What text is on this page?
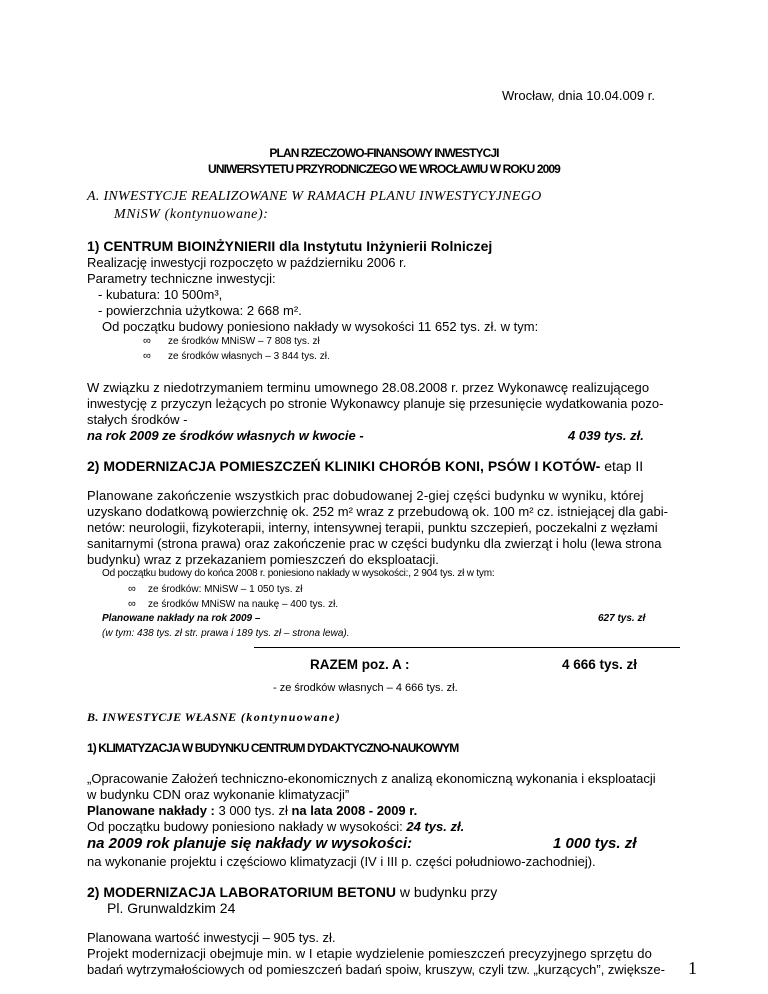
Wrocław, dnia 10.04.009 r.
PLAN RZECZOWO-FINANSOWY INWESTYCJI
UNIWERSYTETU PRZYRODNICZEGO WE WROCŁAWIU W ROKU 2009
A. INWESTYCJE REALIZOWANE W RAMACH PLANU INWESTYCYJNEGO
MNiSW (kontynuowane):
1) CENTRUM BIOINŻYNIERII dla Instytutu Inżynierii Rolniczej
Realizację inwestycji rozpoczęto w październiku 2006 r.
Parametry techniczne inwestycji:
- kubatura: 10 500m³,
- powierzchnia użytkowa: 2 668 m².
Od początku budowy poniesiono nakłady w wysokości 11 652 tys. zł. w tym:
∞ ze środków MNiSW – 7 808 tys. zł
∞ ze środków własnych – 3 844 tys. zł.
W związku z niedotrzymaniem terminu umownego 28.08.2008 r. przez Wykonawcę realizującego
inwestycję z przyczyn leżących po stronie Wykonawcy planuje się przesunięcie wydatkowania pozo-
stałych środków -
na rok 2009 ze środków własnych w kwocie -	4 039 tys. zł.
2) MODERNIZACJA POMIESZCZEŃ KLINIKI CHORÓB KONI, PSÓW I KOTÓW- etap II
Planowane zakończenie wszystkich prac dobudowanej 2-giej części budynku w wyniku, której
uzyskano dodatkową powierzchnię ok. 252 m² wraz z przebudową ok. 100 m² cz. istniejącej dla gabi-
netów: neurologii, fizykoterapii, interny, intensywnej terapii, punktu szczepień, poczekalni z węzłami
sanitarnymi (strona prawa) oraz zakończenie prac w części budynku dla zwierząt i holu (lewa strona
budynku) wraz z przekazaniem pomieszczeń do eksploatacji.
Od początku budowy do końca 2008 r. poniesiono nakłady w wysokości:, 2 904 tys. zł w tym:
∞ ze środków: MNiSW – 1 050 tys. zł
∞ ze środków MNiSW na naukę – 400 tys. zł.
Planowane nakłady na rok 2009 –	627 tys. zł
(w tym: 438 tys. zł str. prawa i 189 tys. zł – strona lewa).
RAZEM poz. A :	4 666 tys. zł
- ze środków własnych – 4 666 tys. zł.
B. INWESTYCJE WŁASNE (kontynuowane)
1) KLIMATYZACJA W BUDYNKU CENTRUM DYDAKTYCZNO-NAUKOWYM
„Opracowanie Założeń techniczno-ekonomicznych z analizą ekonomiczną wykonania i eksploatacji
w budynku CDN oraz wykonanie klimatyzacji”
Planowane nakłady : 3 000 tys. zł na lata 2008 - 2009 r.
Od początku budowy poniesiono nakłady w wysokości: 24 tys. zł.
na 2009 rok planuje się nakłady w wysokości:	1 000 tys. zł
na wykonanie projektu i częściowo klimatyzacji (IV i III p. części południowo-zachodniej).
2) MODERNIZACJA LABORATORIUM BETONU w budynku przy
Pl. Grunwaldzkim 24
Planowana wartość inwestycji – 905 tys. zł.
Projekt modernizacji obejmuje min. w I etapie wydzielenie pomieszczeń precyzyjnego sprzętu do
badań wytrzymałościowych od pomieszczeń badań spoiw, kruszyw, czyli tzw. „kurzących”, zwiększe- 1
